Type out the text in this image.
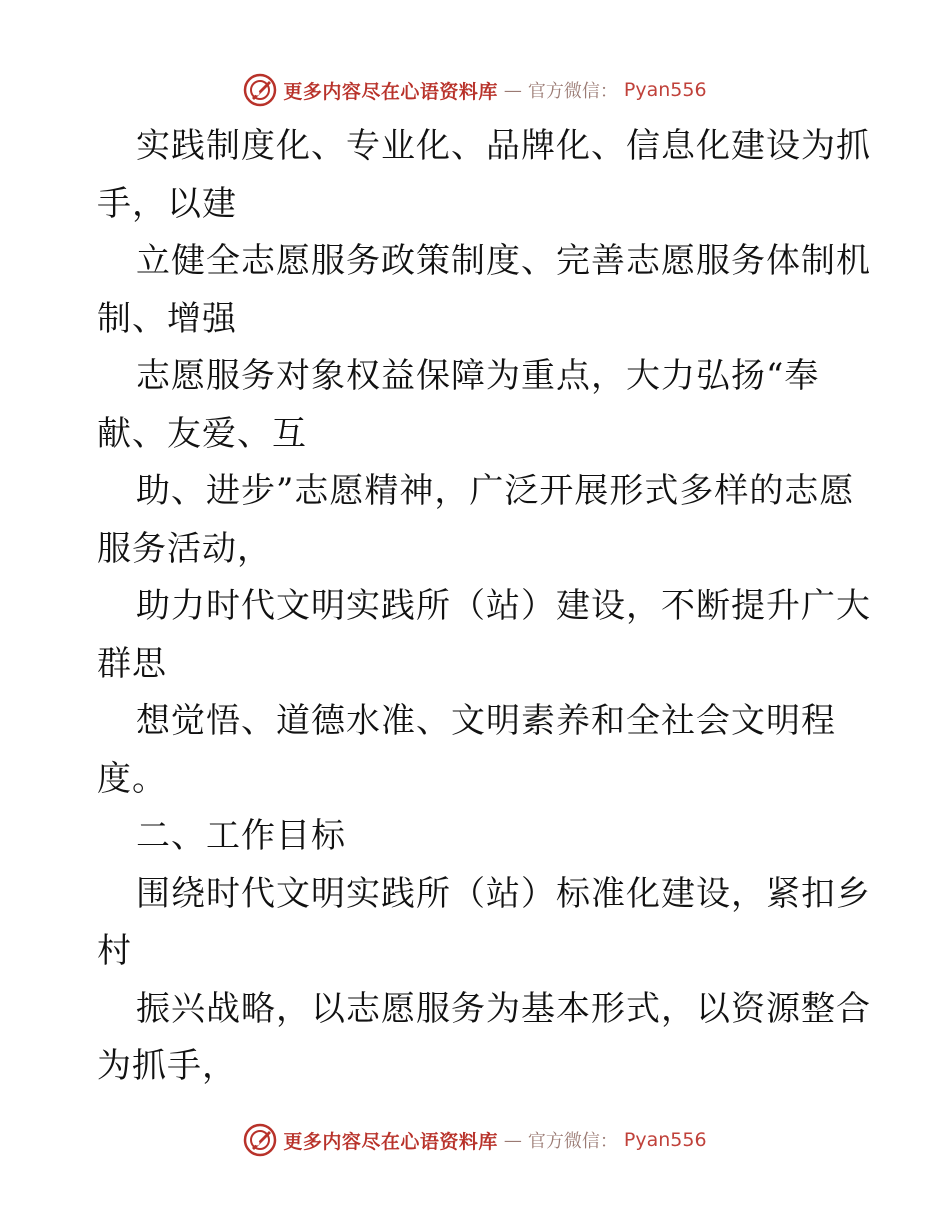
更多内容尽在心语资料库 — 官方微信： Pyan556
实践制度化、专业化、品牌化、信息化建设为抓
手，以建
立健全志愿服务政策制度、完善志愿服务体制机
制、增强
志愿服务对象权益保障为重点，大力弘扬“奉
献、友爱、互
助、进步”志愿精神，广泛开展形式多样的志愿
服务活动，
助力时代文明实践所（站）建设，不断提升广大
群思
想觉悟、道德水准、文明素养和全社会文明程
度。
二、工作目标
围绕时代文明实践所（站）标准化建设，紧扣乡
村
振兴战略，以志愿服务为基本形式，以资源整合
为抓手，
更多内容尽在心语资料库 — 官方微信： Pyan556
